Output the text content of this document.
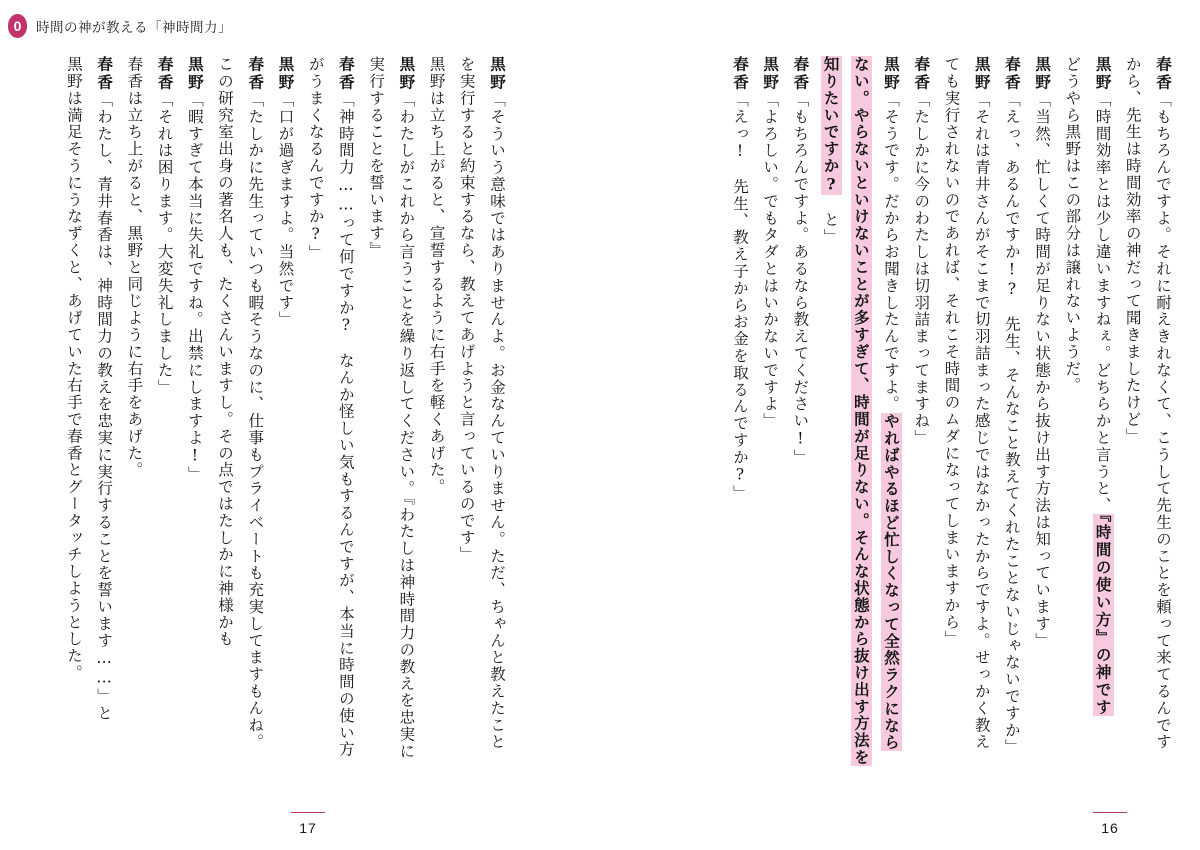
0	時間の神が教える「神時間力」
春香「もちろんですよ。それに耐えきれなくて、こうして先生のことを頼って来てるんです
から、先生は時間効率の神だって聞きましたけど」
黒野「時間効率とは少し違いますねぇ。どちらかと言うと、『時間の使い方』の神です
どうやら黒野はこの部分は譲れないようだ。
黒野「当然、忙しくて時間が足りない状態から抜け出す方法は知っています」
春香「えっ、あるんですか!?　先生、そんなこと教えてくれたことないじゃないですか」
黒野「それは青井さんがそこまで切羽詰まった感じではなかったからですよ。せっかく教え
ても実行されないのであれば、それこそ時間のムダになってしまいますから」
春香「たしかに今のわたしは切羽詰まってますね」
黒野「そうです。だからお聞きしたんですよ。やればやるほど忙しくなって全然ラクになら
ない。やらないといけないことが多すぎて、時間が足りない。そんな状態から抜け出す方法を
知りたいですか?　と」
春香「もちろんですよ。あるなら教えてください!」
黒野「よろしい。でもタダとはいかないですよ」
春香「えっ!　先生、教え子からお金を取るんですか?」
16
黒野「そういう意味ではありませんよ。お金なんていりません。ただ、ちゃんと教えたこと
を実行すると約束するなら、教えてあげようと言っているのです」
黒野は立ち上がると、宣誓するように右手を軽くあげた。
黒野「わたしがこれから言うことを繰り返してください。『わたしは神時間力の教えを忠実に
実行することを誓います』
春香「神時間力……って何ですか?　なんか怪しい気もするんですが、本当に時間の使い方
がうまくなるんですか?」
黒野「口が過ぎますよ。当然です」
春香「たしかに先生っていつも暇そうなのに、仕事もプライベートも充実してますもんね。
この研究室出身の著名人も、たくさんいますし。その点ではたしかに神様かも
黒野「暇すぎて本当に失礼ですね。出禁にしますよ!」
春香「それは困ります。大変失礼しました」
春香は立ち上がると、黒野と同じように右手をあげた。
春香「わたし、青井春香は、神時間力の教えを忠実に実行することを誓います……」と
黒野は満足そうにうなずくと、あげていた右手で春香とグータッチしようとした。
17
